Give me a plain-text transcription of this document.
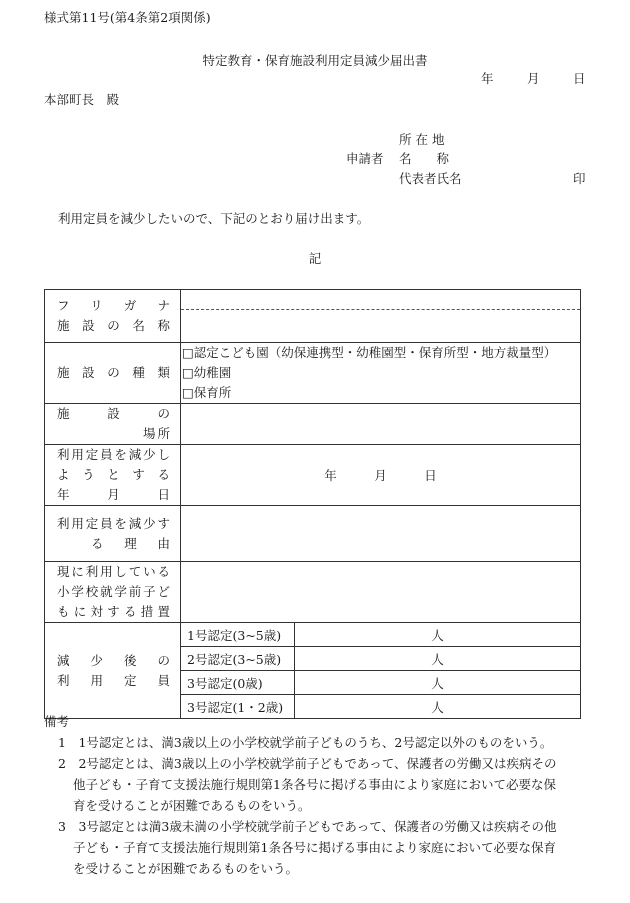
様式第11号(第4条第2項関係)
特定教育・保育施設利用定員減少届出書
年	月	日
本部町長　殿
所 在 地
申請者 名　　称
代表者氏名	印
利用定員を減少したいので、下記のとおり届け出ます。
記
フリガナ
施設の名称		

施設の種類	□認定こども園（幼保連携型・幼稚園型・保育所型・地方裁量型）
□幼稚園
□保育所	

施設の
場所		

利用定員を減少し
ようとする
年月日	年　　　月　　　日	

利用定員を減少す
る理由		

現に利用している
小学校就学前子ど
もに対する措置		

減少後の
利用定員	1号認定(3~5歳)	人
	2号認定(3~5歳)	人
	3号認定(0歳)	人
	3号認定(1・2歳)	人
備考
1　1号認定とは、満3歳以上の小学校就学前子どものうち、2号認定以外のものをいう。
2　2号認定とは、満3歳以上の小学校就学前子どもであって、保護者の労働又は疾病その
他子ども・子育て支援法施行規則第1条各号に掲げる事由により家庭において必要な保
育を受けることが困難であるものをいう。
3　3号認定とは満3歳未満の小学校就学前子どもであって、保護者の労働又は疾病その他
子ども・子育て支援法施行規則第1条各号に掲げる事由により家庭において必要な保育
を受けることが困難であるものをいう。
